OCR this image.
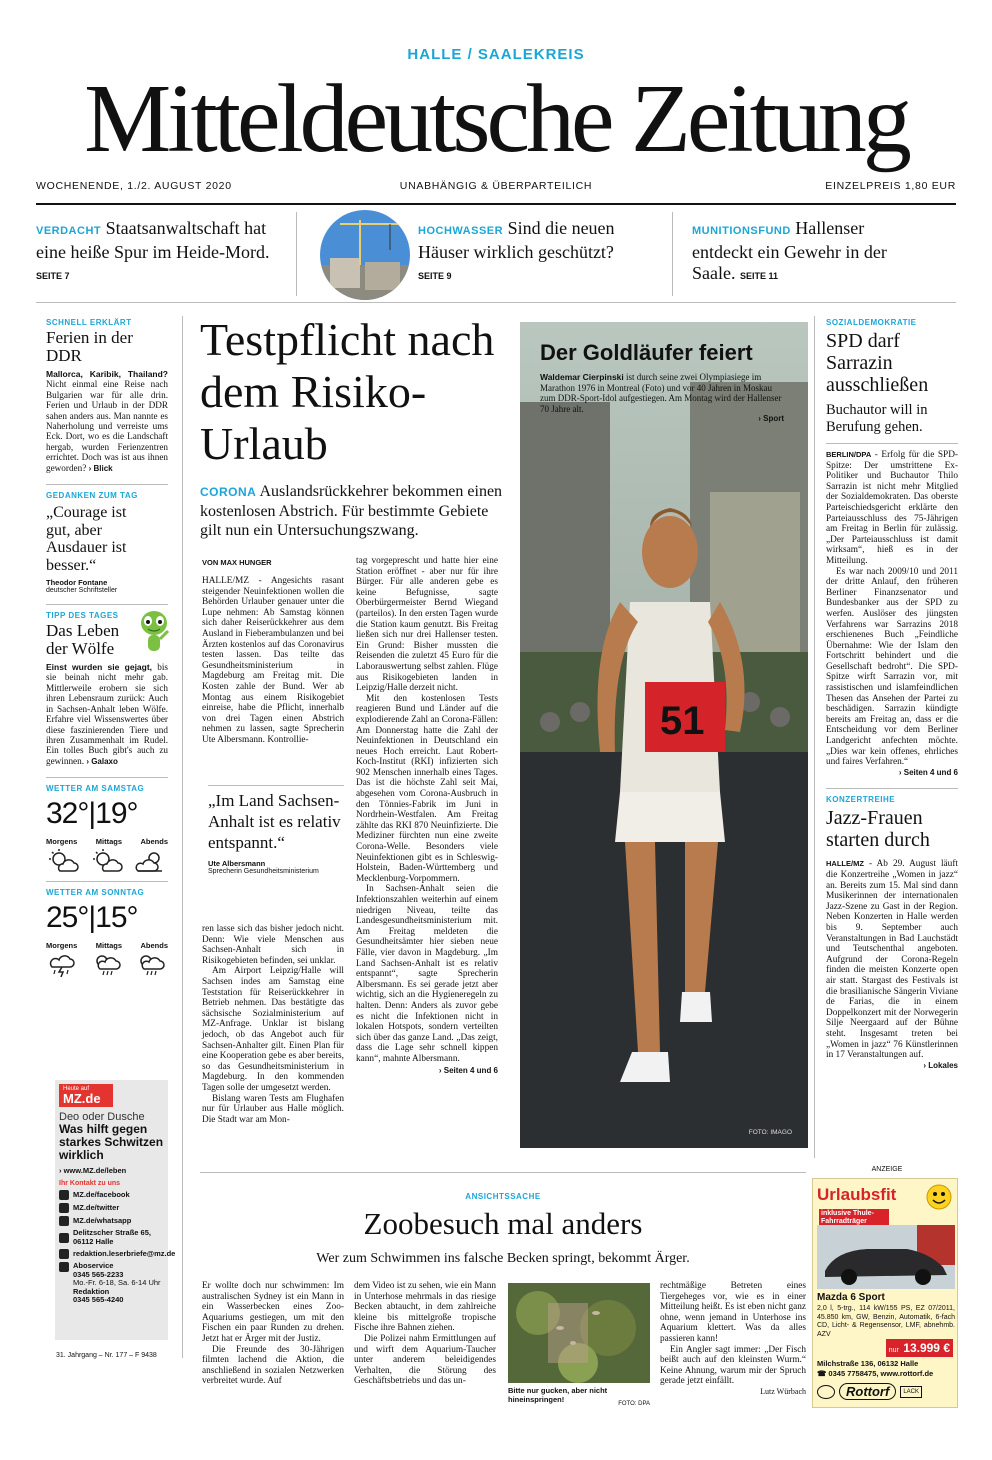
HALLE / SAALEKREIS
Mitteldeutsche Zeitung
WOCHENENDE, 1./2. AUGUST 2020	UNABHÄNGIG & ÜBERPARTEILICH	EINZELPREIS 1,80 EUR
VERDACHT Staatsanwaltschaft hat eine heiße Spur im Heide-Mord. SEITE 7
HOCHWASSER Sind die neuen Häuser wirklich geschützt? SEITE 9
MUNITIONSFUND Hallenser entdeckt ein Gewehr in der Saale. SEITE 11
SCHNELL ERKLÄRT
Ferien in der DDR
Mallorca, Karibik, Thailand? Nicht einmal eine Reise nach Bulgarien war für alle drin. Ferien und Urlaub in der DDR sahen anders aus. Man nannte es Naherholung und verreiste ums Eck. Dort, wo es die Landschaft hergab, wurden Ferienzentren errichtet. Doch was ist aus ihnen geworden? › Blick
GEDANKEN ZUM TAG
„Courage ist gut, aber Ausdauer ist besser.“
Theodor Fontane
deutscher Schriftsteller
TIPP DES TAGES
Das Leben der Wölfe
Einst wurden sie gejagt, bis sie beinah nicht mehr gab. Mittlerweile erobern sie sich ihren Lebensraum zurück: Auch in Sachsen-Anhalt leben Wölfe. Erfahre viel Wissenswertes über diese faszinierenden Tiere und ihren Zusammenhalt im Rudel. Ein tolles Buch gibt's auch zu gewinnen. › Galaxo
WETTER AM SAMSTAG
32°|19°
Morgens Mittags Abends
WETTER AM SONNTAG
25°|15°
Morgens Mittags Abends
Heute auf
MZ.de
Deo oder Dusche
Was hilft gegen starkes Schwitzen wirklich
› www.MZ.de/leben
Ihr Kontakt zu uns
MZ.de/facebook
MZ.de/twitter
MZ.de/whatsapp
Delitzscher Straße 65, 06112 Halle
redaktion.leserbriefe@mz.de
Aboservice
0345 565-2233
Mo.-Fr. 6-18, Sa. 6-14 Uhr
Redaktion
0345 565-4240
31. Jahrgang – Nr. 177 – F 9438
Testpflicht nach dem Risiko-Urlaub
CORONA Auslandsrückkehrer bekommen einen kostenlosen Abstrich. Für bestimmte Gebiete gilt nun ein Untersuchungszwang.
VON MAX HUNGER

HALLE/MZ - Angesichts rasant steigender Neuinfektionen wollen die Behörden Urlauber genauer unter die Lupe nehmen: Ab Samstag können sich daher Reiserückkehrer aus dem Ausland in Fieberambulanzen und bei Ärzten kostenlos auf das Coronavirus testen lassen. Das teilte das Gesundheitsministerium in Magdeburg am Freitag mit. Die Kosten zahle der Bund. Wer ab Montag aus einem Risikogebiet einreise, habe die Pflicht, innerhalb von drei Tagen einen Abstrich nehmen zu lassen, sagte Sprecherin Ute Albersmann. Kontrollie-

„Im Land Sachsen-Anhalt ist es relativ entspannt.“
Ute Albersmann
Sprecherin Gesundheitsministerium

ren lasse sich das bisher jedoch nicht. Denn: Wie viele Menschen aus Sachsen-Anhalt sich in Risikogebieten befinden, sei unklar.

Am Airport Leipzig/Halle will Sachsen indes am Samstag eine Teststation für Reiserückkehrer in Betrieb nehmen. Das bestätigte das sächsische Sozialministerium auf MZ-Anfrage. Unklar ist bislang jedoch, ob das Angebot auch für Sachsen-Anhalter gilt. Einen Plan für eine Kooperation gebe es aber bereits, so das Gesundheitsministerium in Magdeburg. In den kommenden Tagen solle der umgesetzt werden.

Bislang waren Tests am Flughafen nur für Urlauber aus Halle möglich. Die Stadt war am Mon-

tag vorgeprescht und hatte hier eine Station eröffnet - aber nur für ihre Bürger. Für alle anderen gebe es keine Befugnisse, sagte Oberbürgermeister Bernd Wiegand (parteilos). In den ersten Tagen wurde die Station kaum genutzt. Bis Freitag ließen sich nur drei Hallenser testen. Ein Grund: Bisher mussten die Reisenden die zuletzt 45 Euro für die Laborauswertung selbst zahlen. Flüge aus Risikogebieten landen in Leipzig/Halle derzeit nicht.

Mit den kostenlosen Tests reagieren Bund und Länder auf die explodierende Zahl an Corona-Fällen: Am Donnerstag hatte die Zahl der Neuinfektionen in Deutschland ein neues Hoch erreicht. Laut Robert-Koch-Institut (RKI) infizierten sich 902 Menschen innerhalb eines Tages. Das ist die höchste Zahl seit Mai, abgesehen vom Corona-Ausbruch in den Tönnies-Fabrik im Juni in Nordrhein-Westfalen. Am Freitag zählte das RKI 870 Neuinfizierte. Die Mediziner fürchten nun eine zweite Corona-Welle. Besonders viele Neuinfektionen gibt es in Schleswig-Holstein, Baden-Württemberg und Mecklenburg-Vorpommern.

In Sachsen-Anhalt seien die Infektionszahlen weiterhin auf einem niedrigen Niveau, teilte das Landesgesundheitsministerium mit. Am Freitag meldeten die Gesundheitsämter hier sieben neue Fälle, vier davon in Magdeburg. „Im Land Sachsen-Anhalt ist es relativ entspannt“, sagte Sprecherin Albersmann. Es sei gerade jetzt aber wichtig, sich an die Hygieneregeln zu halten. Denn: Anders als zuvor gebe es nicht die Infektionen nicht in lokalen Hotspots, sondern verteilten sich über das ganze Land. „Das zeigt, dass die Lage sehr schnell kippen kann“, mahnte Albersmann.

› Seiten 4 und 6
51
Der Goldläufer feiert
Waldemar Cierpinski ist durch seine zwei Olympiasiege im Marathon 1976 in Montreal (Foto) und vor 40 Jahren in Moskau zum DDR-Sport-Idol aufgestiegen. Am Montag wird der Hallenser 70 Jahre alt.
› Sport
FOTO: IMAGO
SOZIALDEMOKRATIE
SPD darf Sarrazin ausschließen
Buchautor will in Berufung gehen.

BERLIN/DPA - Erfolg für die SPD-Spitze: Der umstrittene Ex-Politiker und Buchautor Thilo Sarrazin ist nicht mehr Mitglied der Sozialdemokraten. Das oberste Parteischiedsgericht erklärte den Parteiausschluss des 75-Jährigen am Freitag in Berlin für zulässig. „Der Parteiausschluss ist damit wirksam“, hieß es in der Mitteilung.

Es war nach 2009/10 und 2011 der dritte Anlauf, den früheren Berliner Finanzsenator und Bundesbanker aus der SPD zu werfen. Auslöser des jüngsten Verfahrens war Sarrazins 2018 erschienenes Buch „Feindliche Übernahme: Wie der Islam den Fortschritt behindert und die Gesellschaft bedroht“. Die SPD-Spitze wirft Sarrazin vor, mit rassistischen und islamfeindlichen Thesen das Ansehen der Partei zu beschädigen. Sarrazin kündigte bereits am Freitag an, dass er die Entscheidung vor dem Berliner Landgericht anfechten möchte. „Dies war kein offenes, ehrliches und faires Verfahren.“

› Seiten 4 und 6
KONZERTREIHE
Jazz-Frauen starten durch

HALLE/MZ - Ab 29. August läuft die Konzertreihe „Women in jazz“ an. Bereits zum 15. Mal sind dann Musikerinnen der internationalen Jazz-Szene zu Gast in der Region. Neben Konzerten in Halle werden bis 9. September auch Veranstaltungen in Bad Lauchstädt und Teutschenthal angeboten. Aufgrund der Corona-Regeln finden die meisten Konzerte open air statt. Stargast des Festivals ist die brasilianische Sängerin Viviane de Farias, die in einem Doppelkonzert mit der Norwegerin Silje Neergaard auf der Bühne steht. Insgesamt treten bei „Women in jazz“ 76 Künstlerinnen in 17 Veranstaltungen auf.

› Lokales
ANSICHTSSACHE
Zoobesuch mal anders
Wer zum Schwimmen ins falsche Becken springt, bekommt Ärger.

Er wollte doch nur schwimmen: Im australischen Sydney ist ein Mann in ein Wasserbecken eines Zoo-Aquariums gestiegen, um mit den Fischen ein paar Runden zu drehen. Jetzt hat er Ärger mit der Justiz.

Die Freunde des 30-Jährigen filmten lachend die Aktion, die anschließend in sozialen Netzwerken verbreitet wurde. Auf

dem Video ist zu sehen, wie ein Mann in Unterhose mehrmals in das riesige Becken abtaucht, in dem zahlreiche kleine bis mittelgroße tropische Fische ihre Bahnen ziehen.

Die Polizei nahm Ermittlungen auf und wirft dem Aquarium-Taucher unter anderem beleidigendes Verhalten, die Störung des Geschäftsbetriebs und das un-

Bitte nur gucken, aber nicht hineinspringen!	FOTO: DPA

rechtmäßige Betreten eines Tiergeheges vor, wie es in einer Mitteilung heißt. Es ist eben nicht ganz ohne, wenn jemand in Unterhose ins Aquarium klettert. Was da alles passieren kann!

Ein Angler sagt immer: „Der Fisch beißt auch auf den kleinsten Wurm.“ Keine Ahnung, warum mir der Spruch gerade jetzt einfällt.

Lutz Würbach
ANZEIGE
Urlaubsfit
inklusive Thule-Fahrradträger
Mazda 6 Sport
2,0 l, 5-trg., 114 kW/155 PS, EZ 07/2011, 45.850 km, GW, Benzin, Automatik, 6-fach CD, Licht- & Regensensor, LMF, abnehmb. AZV
nur 13.999 €
Milchstraße 136, 06132 Halle
☎ 0345 7758475, www.rottorf.de
Rottorf	LACK
